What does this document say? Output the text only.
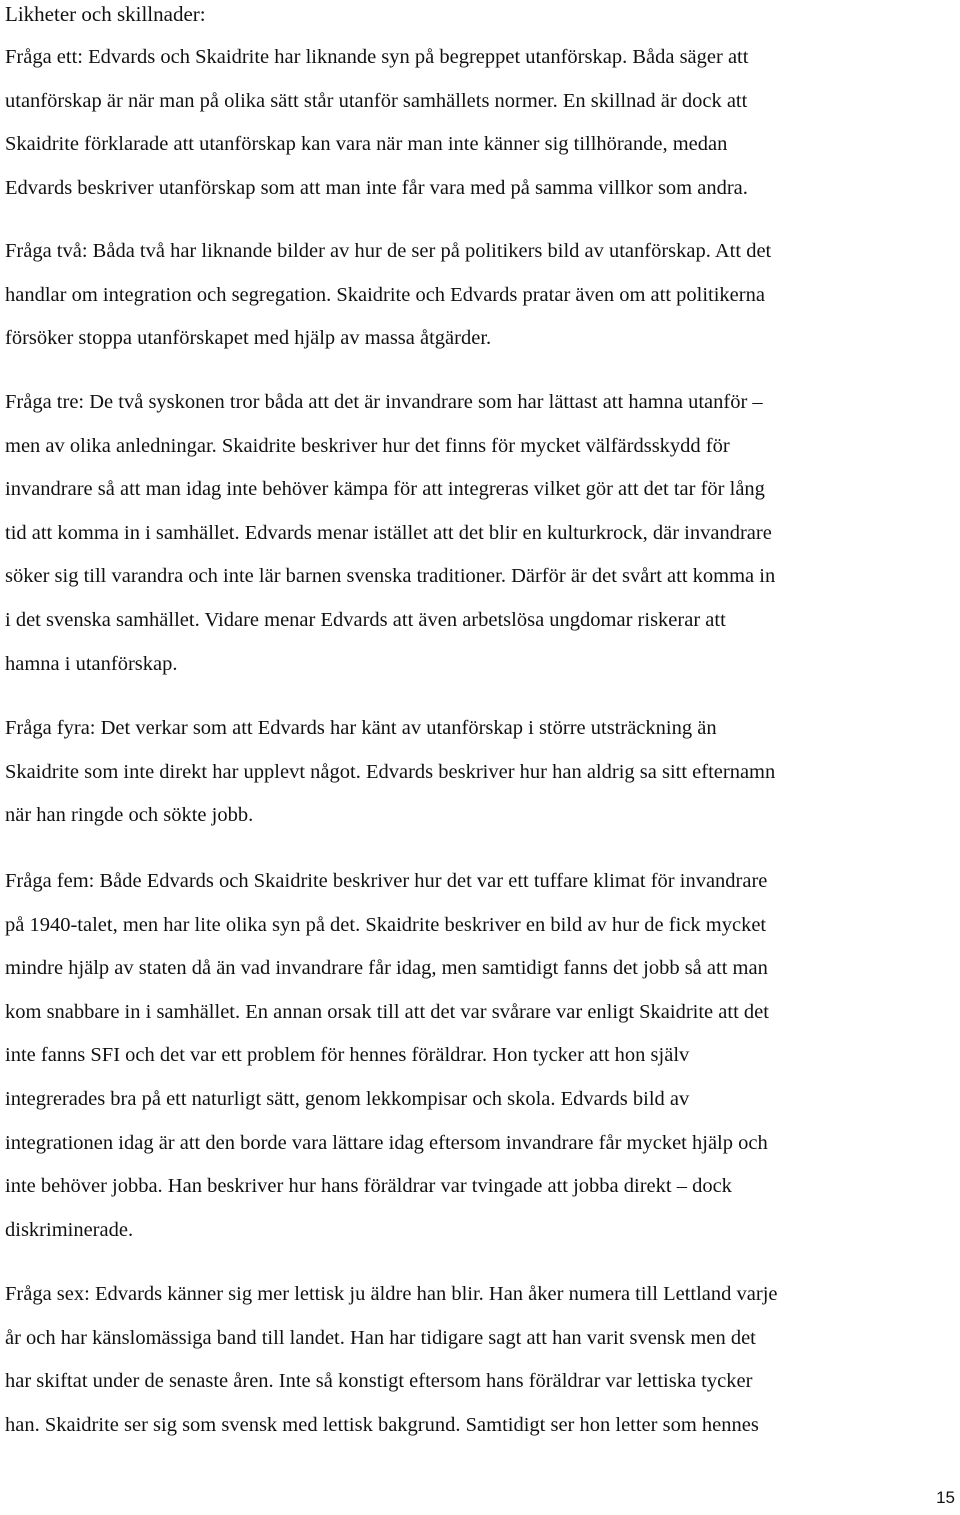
Likheter och skillnader:
Fråga ett: Edvards och Skaidrite har liknande syn på begreppet utanförskap. Båda säger att
utanförskap är när man på olika sätt står utanför samhällets normer. En skillnad är dock att
Skaidrite förklarade att utanförskap kan vara när man inte känner sig tillhörande, medan
Edvards beskriver utanförskap som att man inte får vara med på samma villkor som andra.
Fråga två: Båda två har liknande bilder av hur de ser på politikers bild av utanförskap. Att det
handlar om integration och segregation. Skaidrite och Edvards pratar även om att politikerna
försöker stoppa utanförskapet med hjälp av massa åtgärder.
Fråga tre: De två syskonen tror båda att det är invandrare som har lättast att hamna utanför –
men av olika anledningar. Skaidrite beskriver hur det finns för mycket välfärdsskydd för
invandrare så att man idag inte behöver kämpa för att integreras vilket gör att det tar för lång
tid att komma in i samhället. Edvards menar istället att det blir en kulturkrock, där invandrare
söker sig till varandra och inte lär barnen svenska traditioner. Därför är det svårt att komma in
i det svenska samhället. Vidare menar Edvards att även arbetslösa ungdomar riskerar att
hamna i utanförskap.
Fråga fyra: Det verkar som att Edvards har känt av utanförskap i större utsträckning än
Skaidrite som inte direkt har upplevt något. Edvards beskriver hur han aldrig sa sitt efternamn
när han ringde och sökte jobb.
Fråga fem: Både Edvards och Skaidrite beskriver hur det var ett tuffare klimat för invandrare
på 1940-talet, men har lite olika syn på det. Skaidrite beskriver en bild av hur de fick mycket
mindre hjälp av staten då än vad invandrare får idag, men samtidigt fanns det jobb så att man
kom snabbare in i samhället. En annan orsak till att det var svårare var enligt Skaidrite att det
inte fanns SFI och det var ett problem för hennes föräldrar. Hon tycker att hon själv
integrerades bra på ett naturligt sätt, genom lekkompisar och skola. Edvards bild av
integrationen idag är att den borde vara lättare idag eftersom invandrare får mycket hjälp och
inte behöver jobba. Han beskriver hur hans föräldrar var tvingade att jobba direkt – dock
diskriminerade.
Fråga sex: Edvards känner sig mer lettisk ju äldre han blir. Han åker numera till Lettland varje
år och har känslomässiga band till landet. Han har tidigare sagt att han varit svensk men det
har skiftat under de senaste åren. Inte så konstigt eftersom hans föräldrar var lettiska tycker
han. Skaidrite ser sig som svensk med lettisk bakgrund. Samtidigt ser hon letter som hennes
15
